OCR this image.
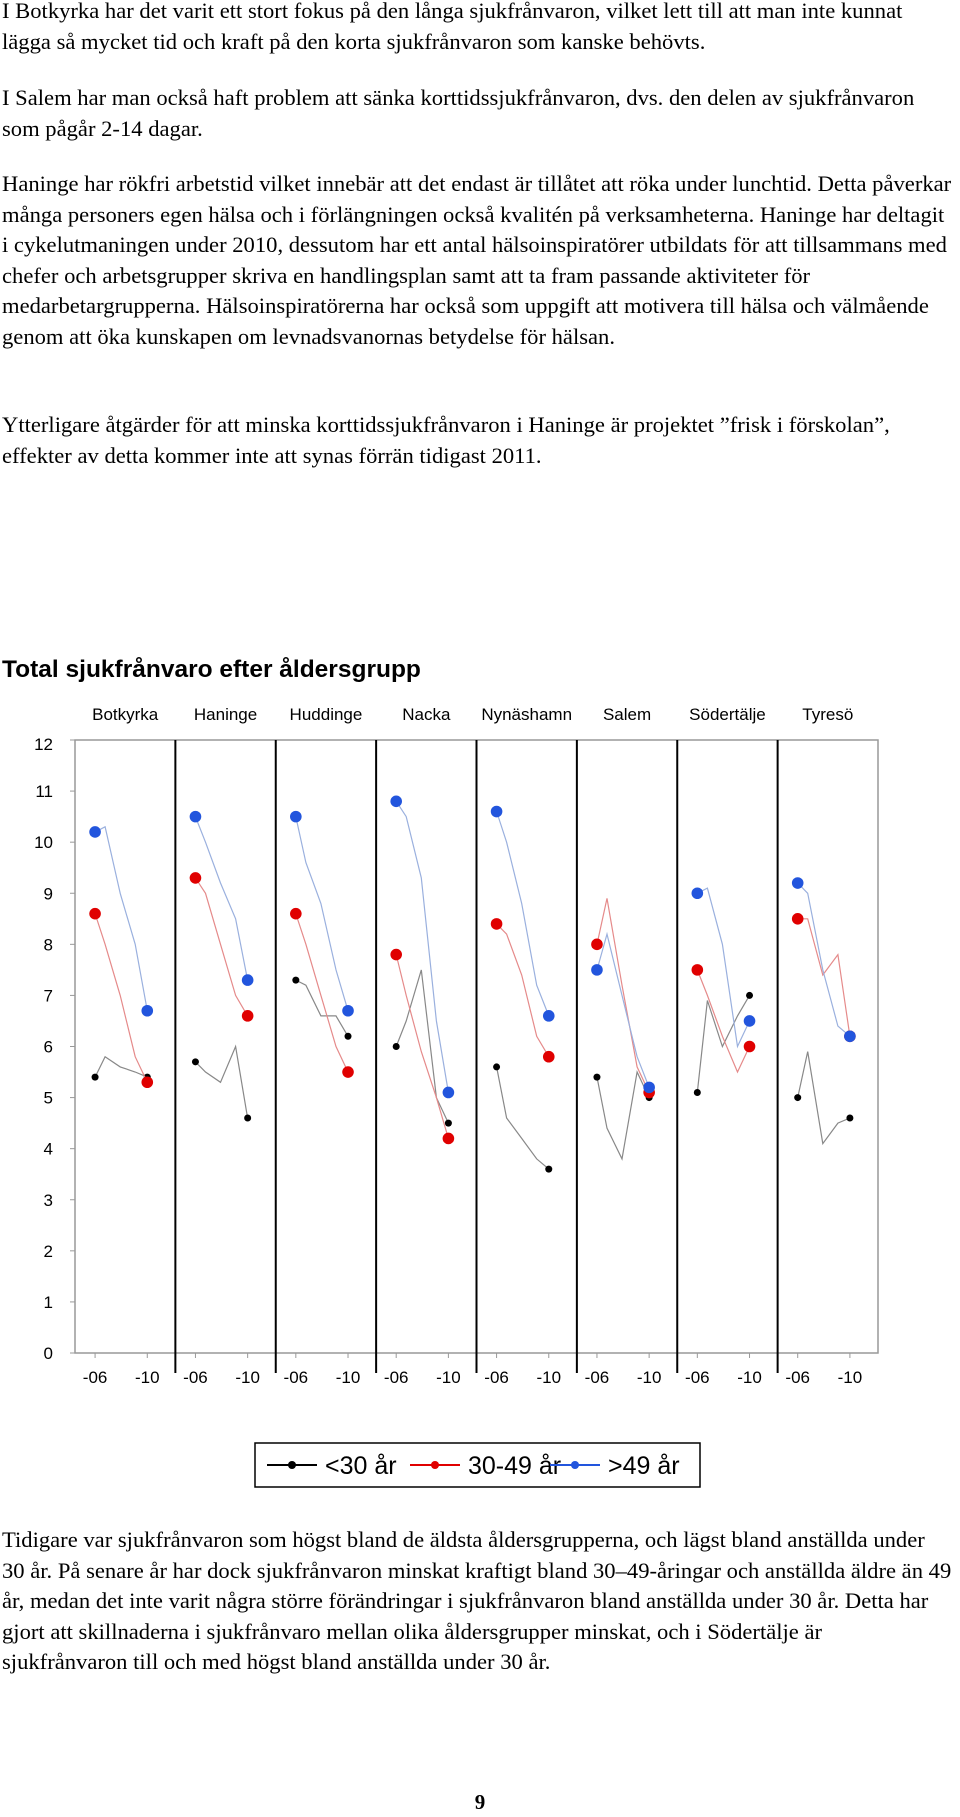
I Botkyrka har det varit ett stort fokus på den långa sjukfrånvaron, vilket lett till att man inte kunnat lägga så mycket tid och kraft på den korta sjukfrånvaron som kanske behövts.

I Salem har man också haft problem att sänka korttidssjukfrånvaron, dvs. den delen av sjukfrånvaron som pågår 2-14 dagar.

Haninge har rökfri arbetstid vilket innebär att det endast är tillåtet att röka under lunchtid. Detta påverkar många personers egen hälsa och i förlängningen också kvalitén på verksamheterna. Haninge har deltagit i cykelutmaningen under 2010, dessutom har ett antal hälsoinspiratörer utbildats för att tillsammans med chefer och arbetsgrupper skriva en handlingsplan samt att ta fram passande aktiviteter för medarbetargrupperna. Hälsoinspiratörerna har också som uppgift att motivera till hälsa och välmående genom att öka kunskapen om levnadsvanornas betydelse för hälsan.

Ytterligare åtgärder för att minska korttidssjukfrånvaron i Haninge är projektet ”frisk i förskolan”, effekter av detta kommer inte att synas förrän tidigast 2011.

Total sjukfrånvaro efter åldersgrupp
0
1
2
3
4
5
6
7
8
9
10
11
12
Botkyrka
-06 -10
Haninge
-06 -10
Huddinge
-06 -10
Nacka
-06 -10
Nynäshamn
-06 -10
Salem
-06 -10
Södertälje
-06 -10
Tyresö
-06 -10
<30 år	30-49 år >49 år

Tidigare var sjukfrånvaron som högst bland de äldsta åldersgrupperna, och lägst bland anställda under 30 år. På senare år har dock sjukfrånvaron minskat kraftigt bland 30–49-åringar och anställda äldre än 49 år, medan det inte varit några större förändringar i sjukfrånvaron bland anställda under 30 år. Detta har gjort att skillnaderna i sjukfrånvaro mellan olika åldersgrupper minskat, och i Södertälje är sjukfrånvaron till och med högst bland anställda under 30 år.

9
